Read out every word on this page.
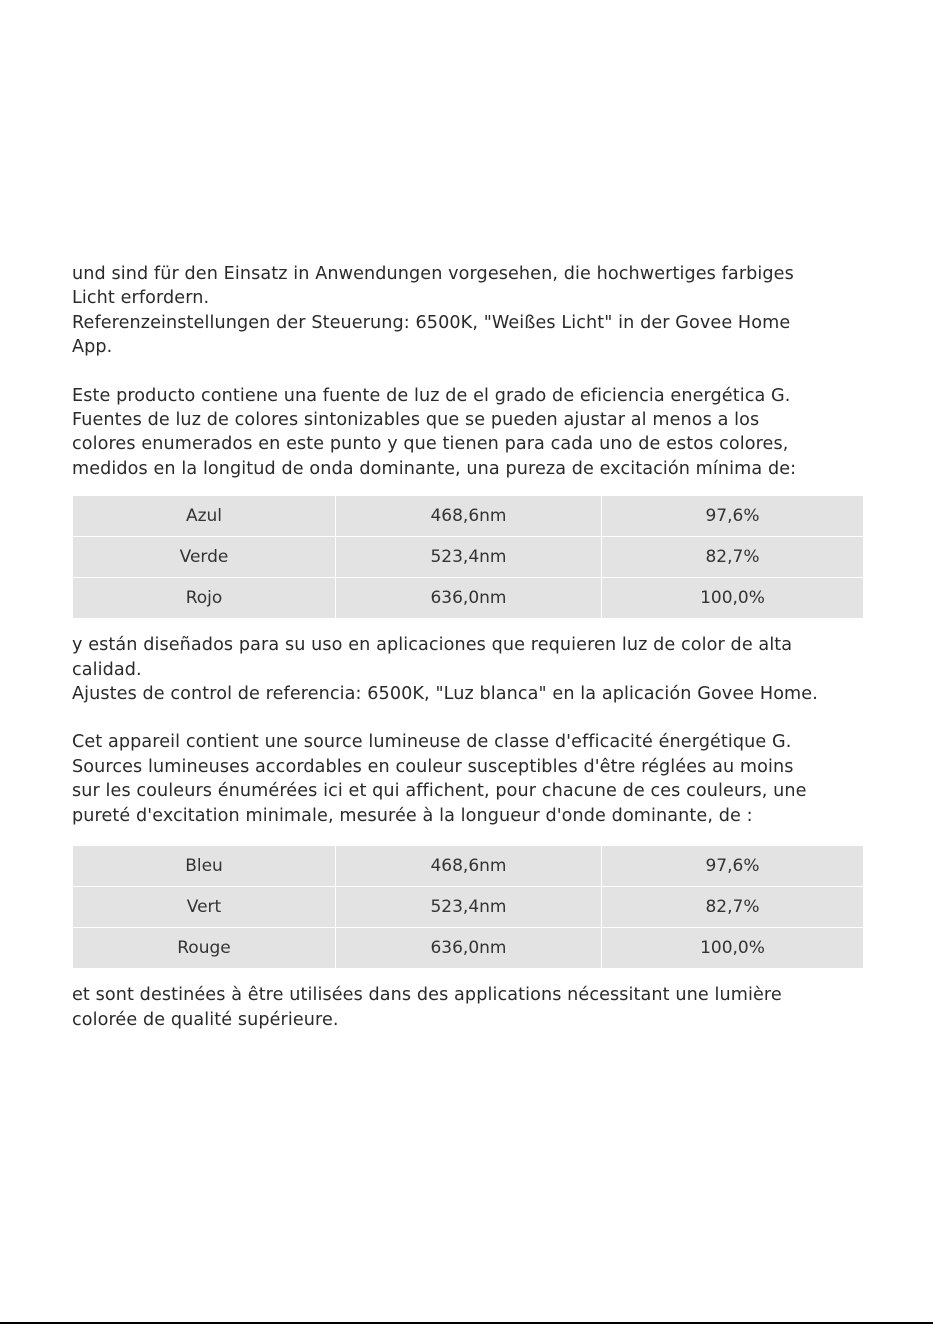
und sind für den Einsatz in Anwendungen vorgesehen, die hochwertiges farbiges
Licht erfordern.
Referenzeinstellungen der Steuerung: 6500K, "Weißes Licht" in der Govee Home
App.

Este producto contiene una fuente de luz de el grado de eficiencia energética G.
Fuentes de luz de colores sintonizables que se pueden ajustar al menos a los
colores enumerados en este punto y que tienen para cada uno de estos colores,
medidos en la longitud de onda dominante, una pureza de excitación mínima de:

Azul	468,6nm	97,6%
Verde	523,4nm	82,7%
Rojo	636,0nm	100,0%

y están diseñados para su uso en aplicaciones que requieren luz de color de alta
calidad.
Ajustes de control de referencia: 6500K, "Luz blanca" en la aplicación Govee Home.

Cet appareil contient une source lumineuse de classe d'efficacité énergétique G.
Sources lumineuses accordables en couleur susceptibles d'être réglées au moins
sur les couleurs énumérées ici et qui affichent, pour chacune de ces couleurs, une
pureté d'excitation minimale, mesurée à la longueur d'onde dominante, de :

Bleu	468,6nm	97,6%
Vert	523,4nm	82,7%
Rouge	636,0nm	100,0%

et sont destinées à être utilisées dans des applications nécessitant une lumière
colorée de qualité supérieure.
